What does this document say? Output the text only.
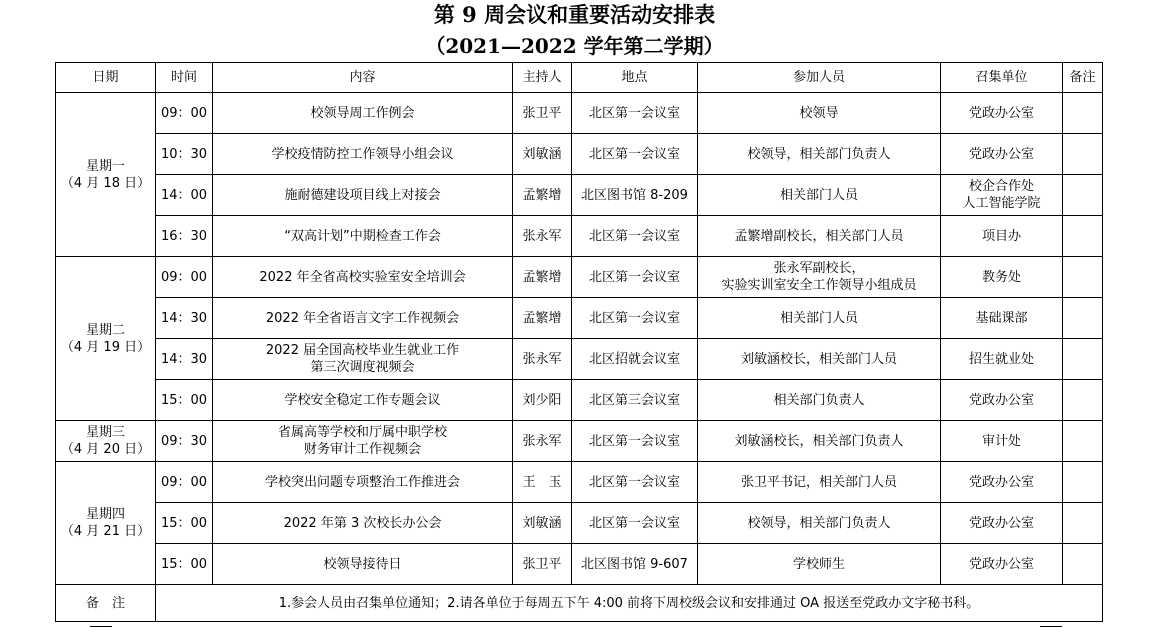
第 9 周会议和重要活动安排表
（2021—2022 学年第二学期）
日期	时间	内容	主持人	地点	参加人员	召集单位	备注
星期一
（4 月 18 日）	09：00	校领导周工作例会	张卫平	北区第一会议室	校领导	党政办公室	
	10：30	学校疫情防控工作领导小组会议	刘敏涵	北区第一会议室	校领导，相关部门负责人	党政办公室	
	14：00	施耐德建设项目线上对接会	孟繁增	北区图书馆 8-209	相关部门人员	校企合作处
人工智能学院	
	16：30	“双高计划”中期检查工作会	张永军	北区第一会议室	孟繁增副校长，相关部门人员	项目办	
星期二
（4 月 19 日）	09：00	2022 年全省高校实验室安全培训会	孟繁增	北区第一会议室	张永军副校长，
实验实训室安全工作领导小组成员	教务处	
	14：30	2022 年全省语言文字工作视频会	孟繁增	北区第一会议室	相关部门人员	基础课部	
	14：30	2022 届全国高校毕业生就业工作
第三次调度视频会	张永军	北区招就会议室	刘敏涵校长，相关部门人员	招生就业处	
	15：00	学校安全稳定工作专题会议	刘少阳	北区第三会议室	相关部门负责人	党政办公室	
星期三
（4 月 20 日）	09：30	省属高等学校和厅属中职学校
财务审计工作视频会	张永军	北区第一会议室	刘敏涵校长，相关部门负责人	审计处	
星期四
（4 月 21 日）	09：00	学校突出问题专项整治工作推进会	王　玉	北区第一会议室	张卫平书记，相关部门人员	党政办公室	
	15：00	2022 年第 3 次校长办公会	刘敏涵	北区第一会议室	校领导，相关部门负责人	党政办公室	
	15：00	校领导接待日	张卫平	北区图书馆 9-607	学校师生	党政办公室	
备　注	1.参会人员由召集单位通知；2.请各单位于每周五下午 4:00 前将下周校级会议和安排通过 OA 报送至党政办文字秘书科。						
